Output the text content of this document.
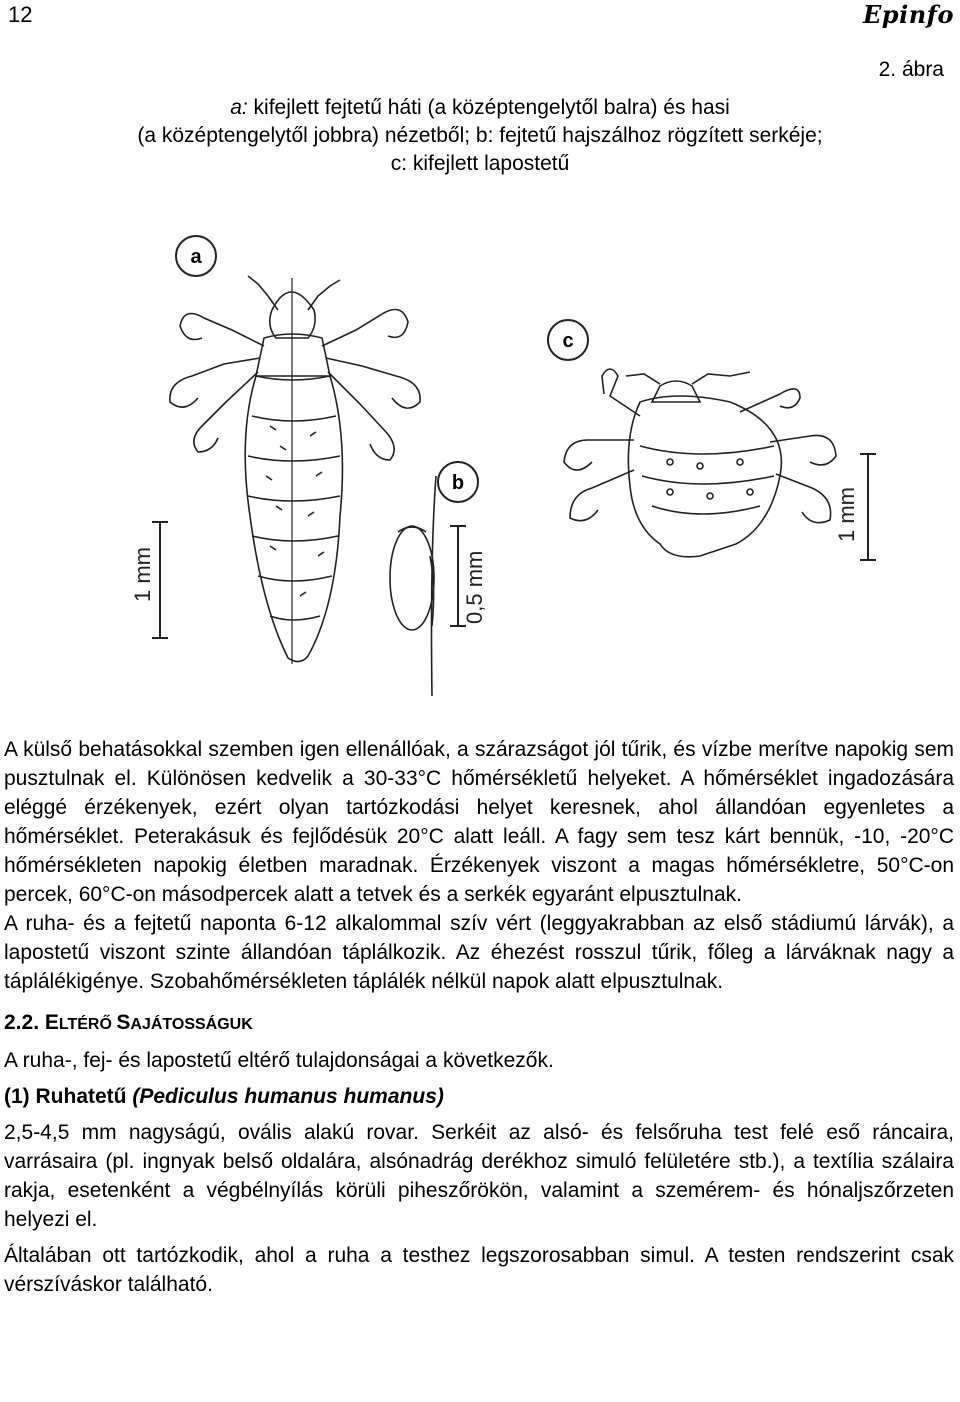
12	Epinfo
2. ábra
a: kifejlett fejtetű háti (a középtengelytől balra) és hasi
(a középtengelytől jobbra) nézetből; b: fejtetű hajszálhoz rögzített serkéje;
c: kifejlett lapostetű
a
1 mm
b
0,5 mm
c
1 mm

A külső behatásokkal szemben igen ellenállóak, a szárazságot jól tűrik, és vízbe merítve napokig sem pusztulnak el. Különösen kedvelik a 30-33°C hőmérsékletű helyeket. A hőmérséklet ingadozására eléggé érzékenyek, ezért olyan tartózkodási helyet keresnek, ahol állandóan egyenletes a hőmérséklet. Peterakásuk és fejlődésük 20°C alatt leáll. A fagy sem tesz kárt bennük, -10, -20°C hőmérsékleten napokig életben maradnak. Érzékenyek viszont a magas hőmérsékletre, 50°C-on percek, 60°C-on másodpercek alatt a tetvek és a serkék egyaránt elpusztulnak.

A ruha- és a fejtetű naponta 6-12 alkalommal szív vért (leggyakrabban az első stádiumú lárvák), a lapostetű viszont szinte állandóan táplálkozik. Az éhezést rosszul tűrik, főleg a lárváknak nagy a táplálékigénye. Szobahőmérsékleten táplálék nélkül napok alatt elpusztulnak.

2.2. ELTÉRŐ SAJÁTOSSÁGUK

A ruha-, fej- és lapostetű eltérő tulajdonságai a következők.

(1) Ruhatetű (Pediculus humanus humanus)

2,5-4,5 mm nagyságú, ovális alakú rovar. Serkéit az alsó- és felsőruha test felé eső ráncaira, varrásaira (pl. ingnyak belső oldalára, alsónadrág derékhoz simuló felületére stb.), a textília szálaira rakja, esetenként a végbélnyílás körüli piheszőrökön, valamint a szemérem- és hónaljszőrzeten helyezi el.

Általában ott tartózkodik, ahol a ruha a testhez legszorosabban simul. A testen rendszerint csak vérszíváskor található.
